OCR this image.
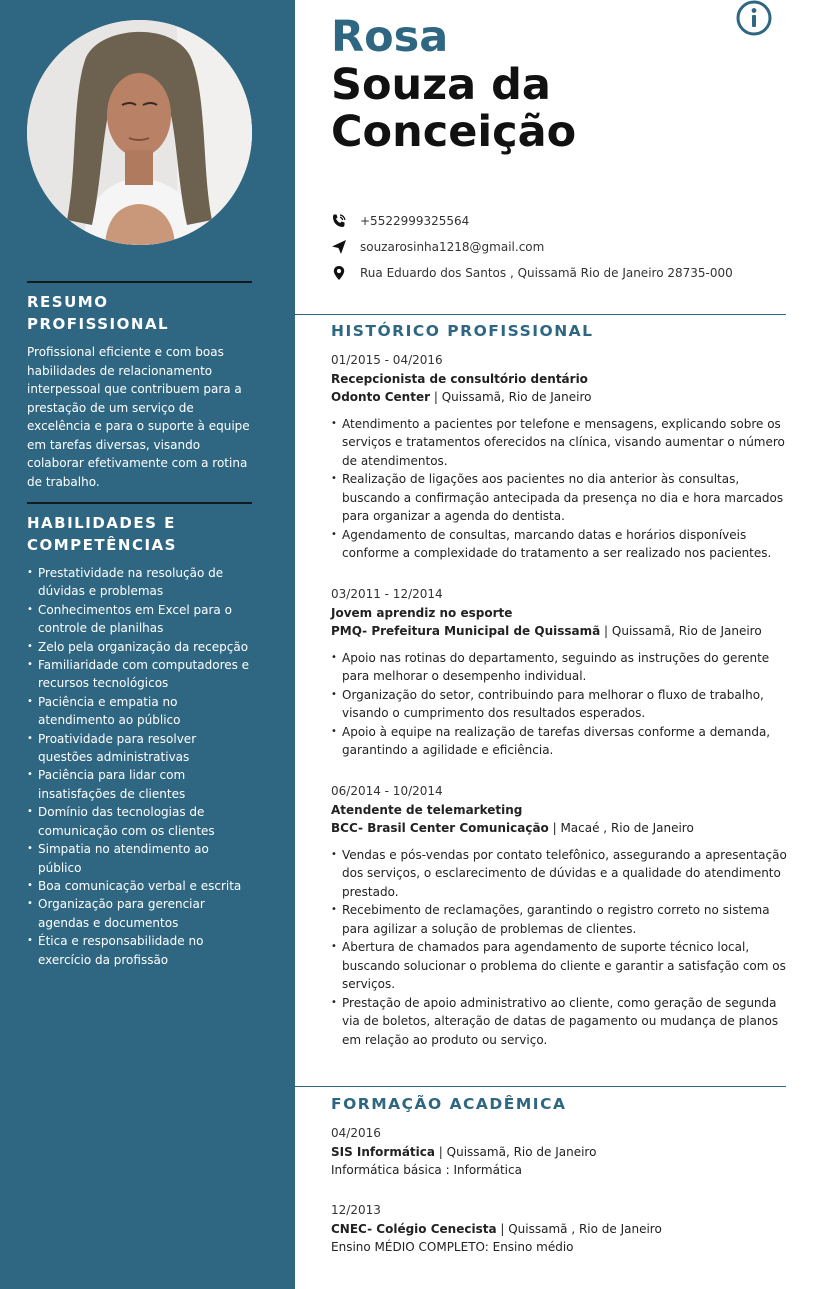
RESUMO PROFISSIONAL
Profissional eficiente e com boas habilidades de relacionamento interpessoal que contribuem para a prestação de um serviço de excelência e para o suporte à equipe em tarefas diversas, visando colaborar efetivamente com a rotina de trabalho.
HABILIDADES E COMPETÊNCIAS
• Prestatividade na resolução de dúvidas e problemas
• Conhecimentos em Excel para o controle de planilhas
• Zelo pela organização da recepção
• Familiaridade com computadores e recursos tecnológicos
• Paciência e empatia no atendimento ao público
• Proatividade para resolver questões administrativas
• Paciência para lidar com insatisfações de clientes
• Domínio das tecnologias de comunicação com os clientes
• Simpatia no atendimento ao público
• Boa comunicação verbal e escrita
• Organização para gerenciar agendas e documentos
• Ética e responsabilidade no exercício da profissão
Rosa
Souza da
Conceição
+5522999325564
souzarosinha1218@gmail.com
Rua Eduardo dos Santos , Quissamã Rio de Janeiro 28735-000
HISTÓRICO PROFISSIONAL
01/2015 - 04/2016
Recepcionista de consultório dentário
Odonto Center | Quissamã, Rio de Janeiro
• Atendimento a pacientes por telefone e mensagens, explicando sobre os serviços e tratamentos oferecidos na clínica, visando aumentar o número de atendimentos.
• Realização de ligações aos pacientes no dia anterior às consultas, buscando a confirmação antecipada da presença no dia e hora marcados para organizar a agenda do dentista.
• Agendamento de consultas, marcando datas e horários disponíveis conforme a complexidade do tratamento a ser realizado nos pacientes.
03/2011 - 12/2014
Jovem aprendiz no esporte
PMQ- Prefeitura Municipal de Quissamã | Quissamã, Rio de Janeiro
• Apoio nas rotinas do departamento, seguindo as instruções do gerente para melhorar o desempenho individual.
• Organização do setor, contribuindo para melhorar o fluxo de trabalho, visando o cumprimento dos resultados esperados.
• Apoio à equipe na realização de tarefas diversas conforme a demanda, garantindo a agilidade e eficiência.
06/2014 - 10/2014
Atendente de telemarketing
BCC- Brasil Center Comunicação | Macaé , Rio de Janeiro
• Vendas e pós-vendas por contato telefônico, assegurando a apresentação dos serviços, o esclarecimento de dúvidas e a qualidade do atendimento prestado.
• Recebimento de reclamações, garantindo o registro correto no sistema para agilizar a solução de problemas de clientes.
• Abertura de chamados para agendamento de suporte técnico local, buscando solucionar o problema do cliente e garantir a satisfação com os serviços.
• Prestação de apoio administrativo ao cliente, como geração de segunda via de boletos, alteração de datas de pagamento ou mudança de planos em relação ao produto ou serviço.
FORMAÇÃO ACADÊMICA
04/2016
SIS Informática | Quissamã, Rio de Janeiro
Informática básica : Informática
12/2013
CNEC- Colégio Cenecista | Quissamã , Rio de Janeiro
Ensino MÉDIO COMPLETO: Ensino médio
